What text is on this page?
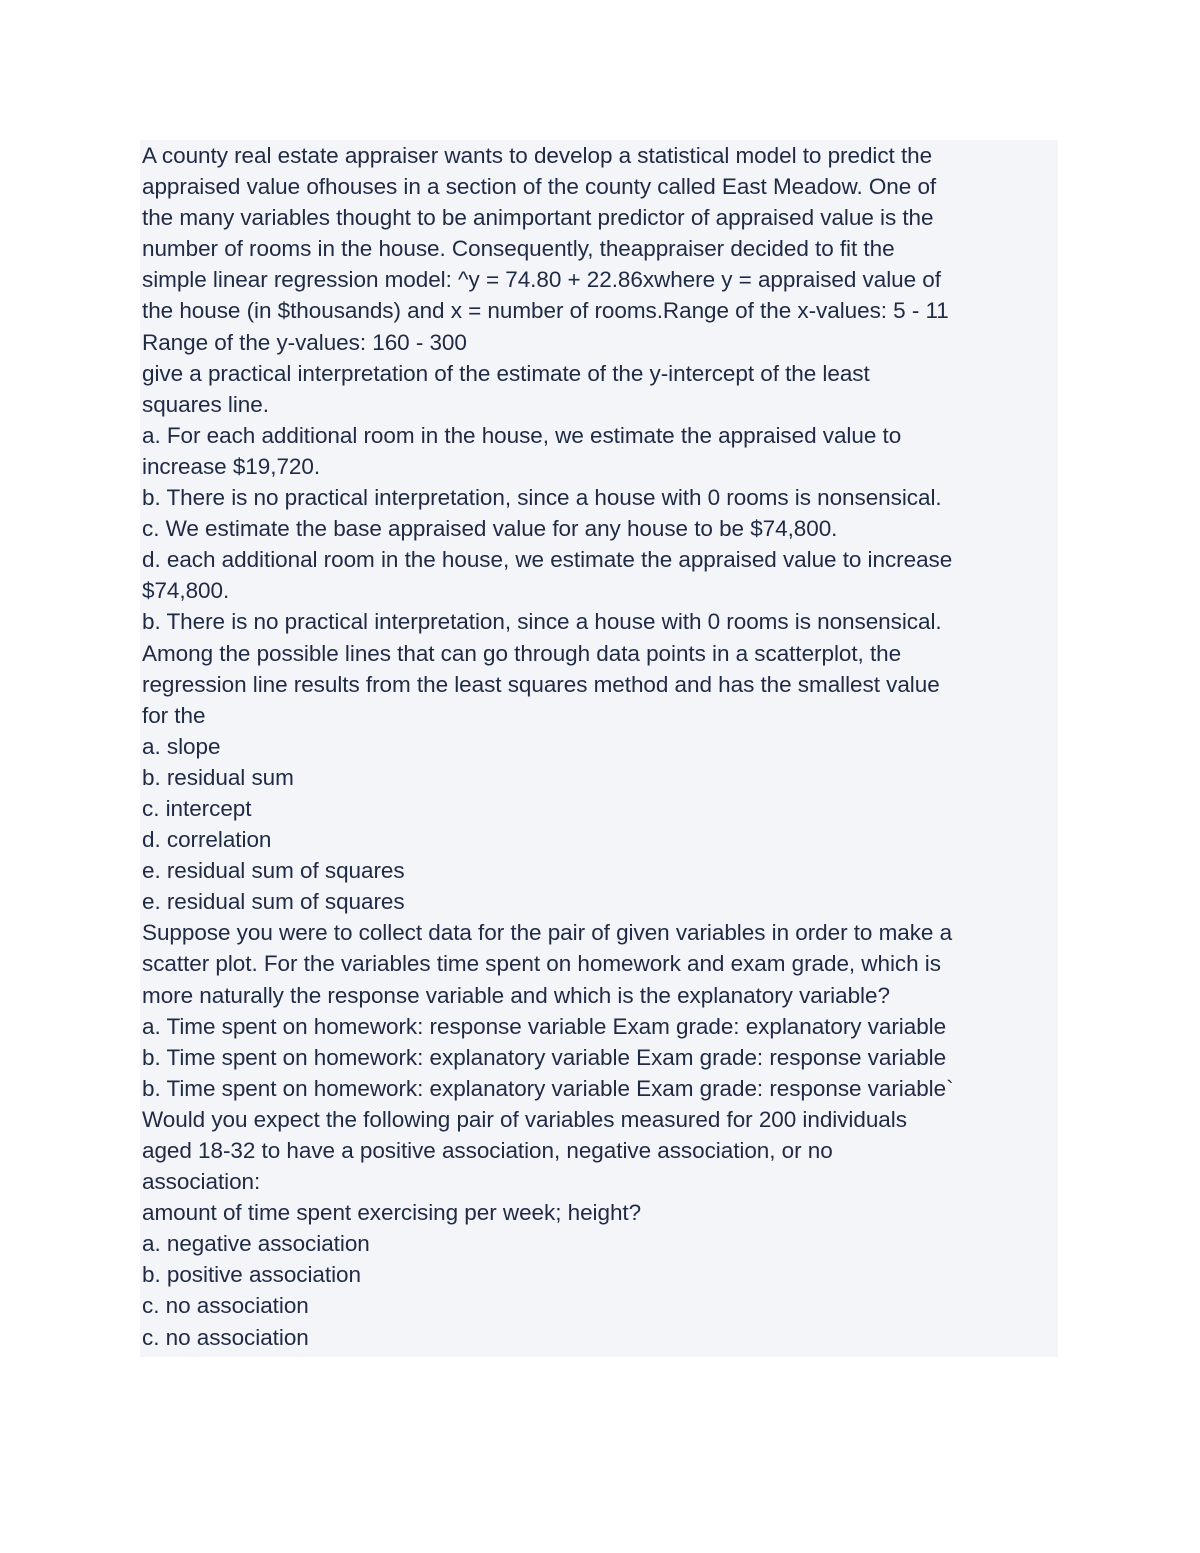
A county real estate appraiser wants to develop a statistical model to predict the
appraised value ofhouses in a section of the county called East Meadow. One of
the many variables thought to be animportant predictor of appraised value is the
number of rooms in the house. Consequently, theappraiser decided to fit the
simple linear regression model: ^y = 74.80 + 22.86xwhere y = appraised value of
the house (in $thousands) and x = number of rooms.Range of the x-values: 5 - 11
Range of the y-values: 160 - 300
give a practical interpretation of the estimate of the y-intercept of the least
squares line.
a. For each additional room in the house, we estimate the appraised value to
increase $19,720.
b. There is no practical interpretation, since a house with 0 rooms is nonsensical.
c. We estimate the base appraised value for any house to be $74,800.
d. each additional room in the house, we estimate the appraised value to increase
$74,800.
b. There is no practical interpretation, since a house with 0 rooms is nonsensical.
Among the possible lines that can go through data points in a scatterplot, the
regression line results from the least squares method and has the smallest value
for the
a. slope
b. residual sum
c. intercept
d. correlation
e. residual sum of squares
e. residual sum of squares
Suppose you were to collect data for the pair of given variables in order to make a
scatter plot. For the variables time spent on homework and exam grade, which is
more naturally the response variable and which is the explanatory variable?
a. Time spent on homework: response variable Exam grade: explanatory variable
b. Time spent on homework: explanatory variable Exam grade: response variable
b. Time spent on homework: explanatory variable Exam grade: response variable`
Would you expect the following pair of variables measured for 200 individuals
aged 18-32 to have a positive association, negative association, or no
association:
amount of time spent exercising per week; height?
a. negative association
b. positive association
c. no association
c. no association
